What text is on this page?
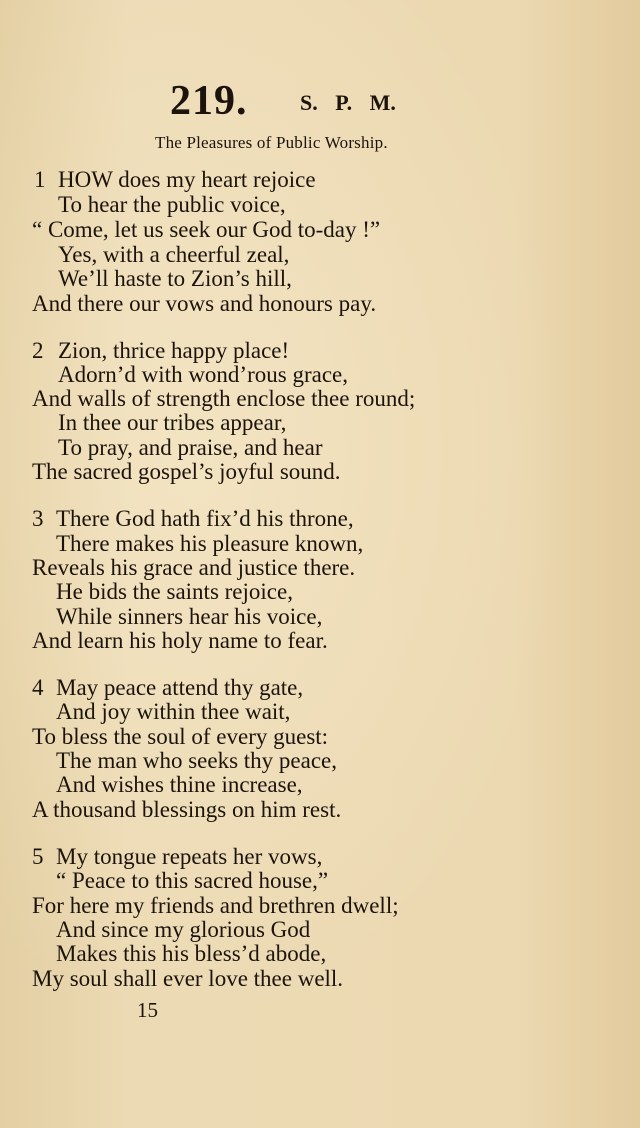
219. S. P. M.
The Pleasures of Public Worship.
1 HOW does my heart rejoice
To hear the public voice,
“ Come, let us seek our God to-day !”
Yes, with a cheerful zeal,
We’ll haste to Zion’s hill,
And there our vows and honours pay.
2 Zion, thrice happy place!
Adorn’d with wond’rous grace,
And walls of strength enclose thee round;
In thee our tribes appear,
To pray, and praise, and hear
The sacred gospel’s joyful sound.
3 There God hath fix’d his throne,
There makes his pleasure known,
Reveals his grace and justice there.
He bids the saints rejoice,
While sinners hear his voice,
And learn his holy name to fear.
4 May peace attend thy gate,
And joy within thee wait,
To bless the soul of every guest:
The man who seeks thy peace,
And wishes thine increase,
A thousand blessings on him rest.
5 My tongue repeats her vows,
“ Peace to this sacred house,”
For here my friends and brethren dwell;
And since my glorious God
Makes this his bless’d abode,
My soul shall ever love thee well.
15
